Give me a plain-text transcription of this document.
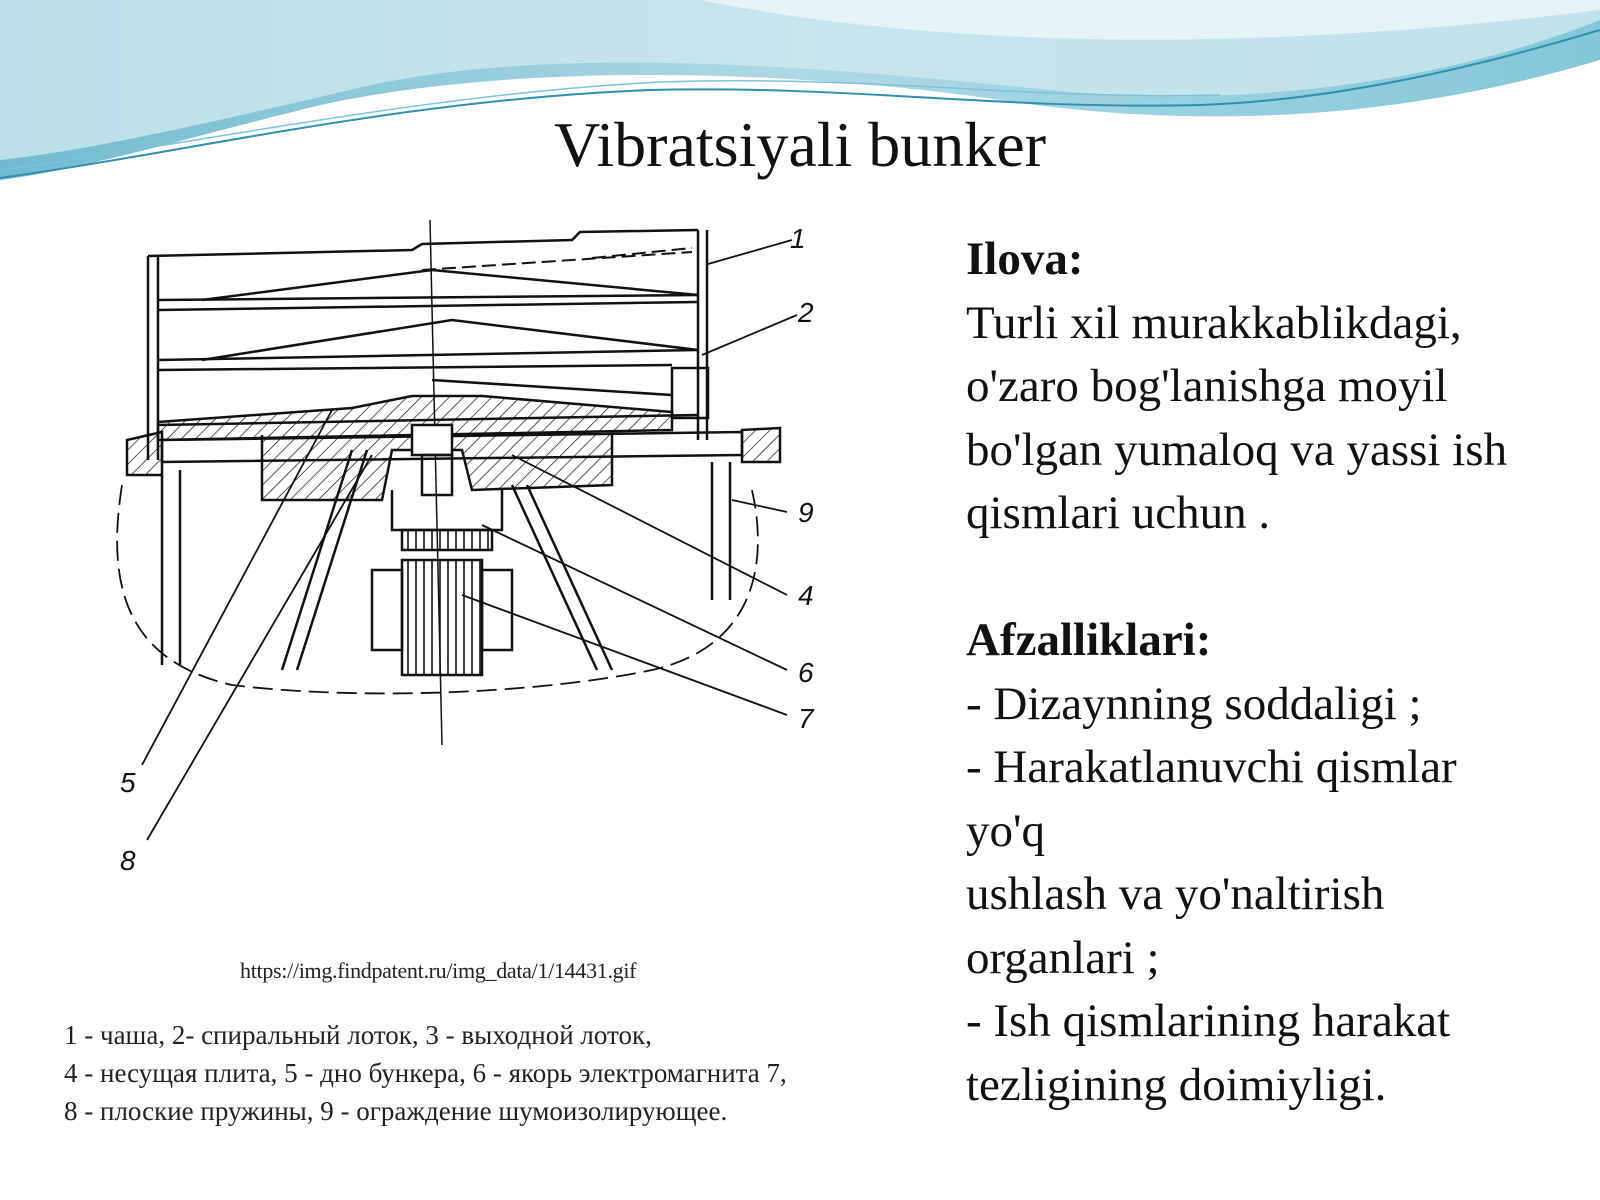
Vibratsiyali bunker
1
2
9
4
6
7
5
8
https://img.findpatent.ru/img_data/1/14431.gif
1 - чаша, 2- спиральный лоток, 3 - выходной лоток,
4 - несущая плита, 5 - дно бункера, 6 - якорь электромагнита 7,
8 - плоские пружины, 9 - ограждение шумоизолирующее.
Ilova:
Turli xil murakkablikdagi,
o'zaro bog'lanishga moyil
bo'lgan yumaloq va yassi ish
qismlari uchun .
Afzalliklari:
- Dizaynning soddaligi ;
- Harakatlanuvchi qismlar
yo'q
ushlash va yo'naltirish
organlari ;
- Ish qismlarining harakat
tezligining doimiyligi.
